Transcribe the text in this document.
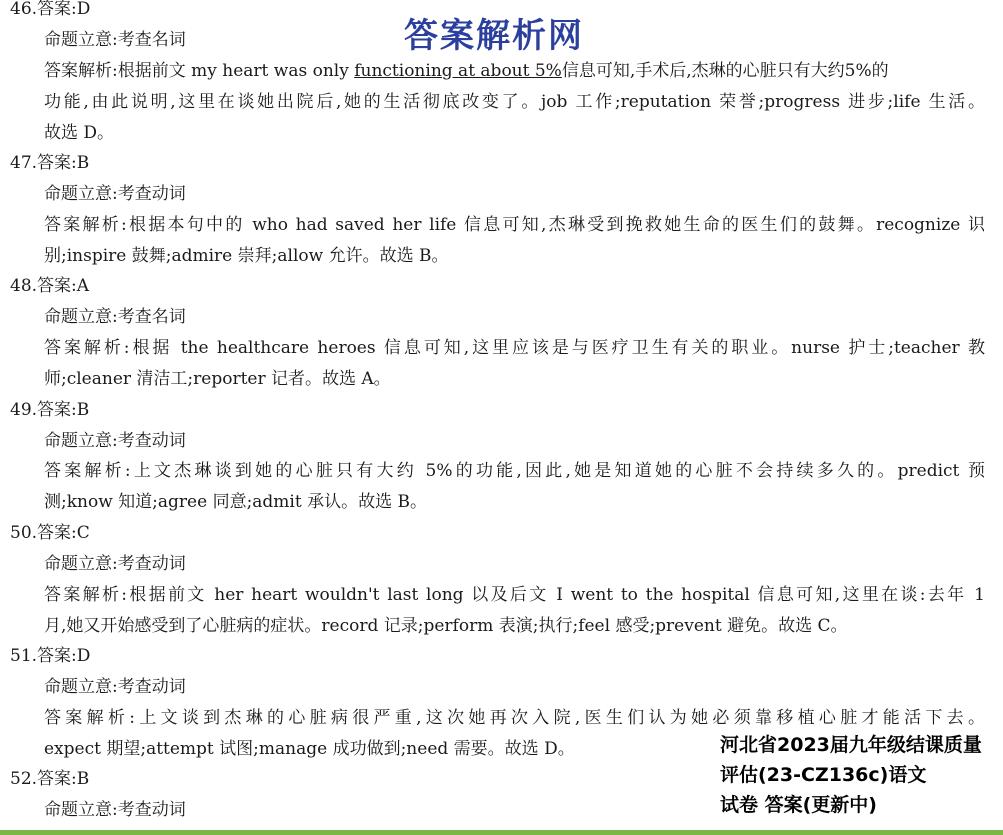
答案解析网
46.答案:D
命题立意:考查名词
答案解析:根据前文 my heart was only functioning at about 5%信息可知,手术后,杰琳的心脏只有大约5%的
功能,由此说明,这里在谈她出院后,她的生活彻底改变了。job 工作;reputation 荣誉;progress 进步;life 生活。
故选 D。
47.答案:B
命题立意:考查动词
答案解析:根据本句中的 who had saved her life 信息可知,杰琳受到挽救她生命的医生们的鼓舞。recognize 识
别;inspire 鼓舞;admire 崇拜;allow 允许。故选 B。
48.答案:A
命题立意:考查名词
答案解析:根据 the healthcare heroes 信息可知,这里应该是与医疗卫生有关的职业。nurse 护士;teacher 教
师;cleaner 清洁工;reporter 记者。故选 A。
49.答案:B
命题立意:考查动词
答案解析:上文杰琳谈到她的心脏只有大约 5%的功能,因此,她是知道她的心脏不会持续多久的。predict 预
测;know 知道;agree 同意;admit 承认。故选 B。
50.答案:C
命题立意:考查动词
答案解析:根据前文 her heart wouldn't last long 以及后文 I went to the hospital 信息可知,这里在谈:去年 1
月,她又开始感受到了心脏病的症状。record 记录;perform 表演;执行;feel 感受;prevent 避免。故选 C。
51.答案:D
命题立意:考查动词
答案解析:上文谈到杰琳的心脏病很严重,这次她再次入院,医生们认为她必须靠移植心脏才能活下去。
expect 期望;attempt 试图;manage 成功做到;need 需要。故选 D。
52.答案:B
命题立意:考查动词
河北省2023届九年级结课质量
评估(23-CZ136c)语文
试卷 答案(更新中)
